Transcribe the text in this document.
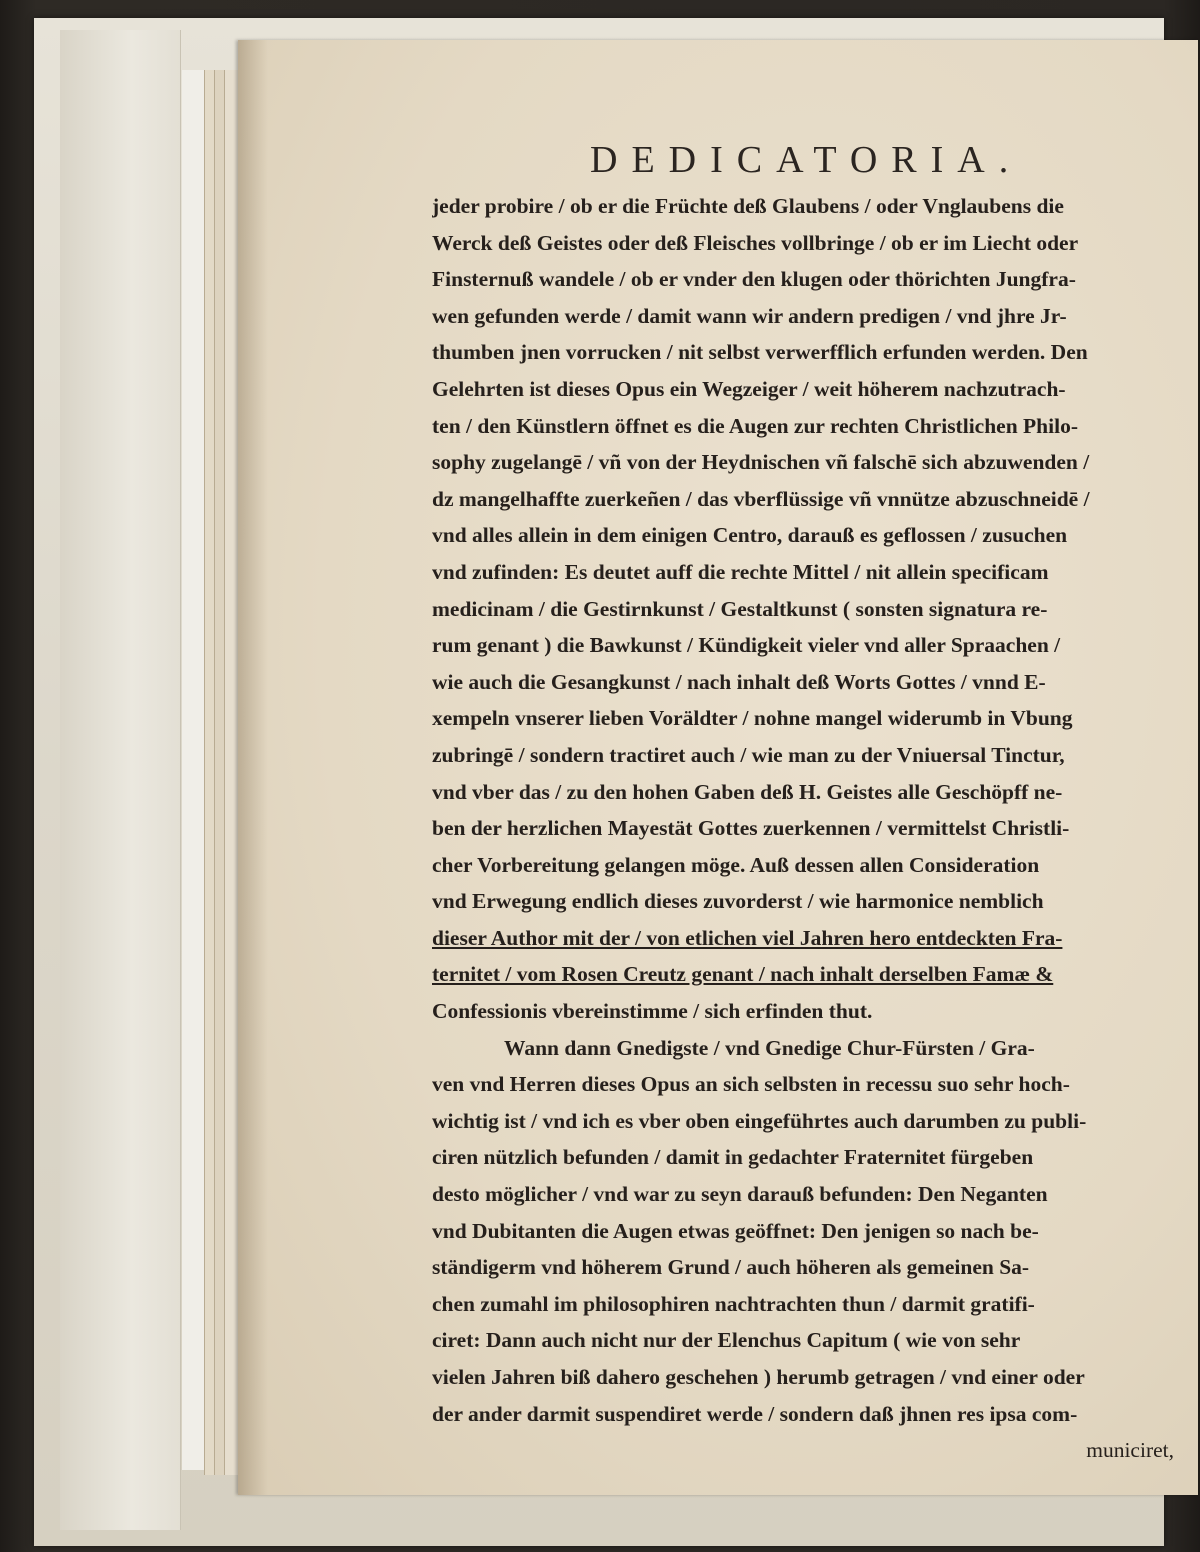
DEDICATORIA.
jeder probire / ob er die Früchte deß Glaubens / oder Vnglaubens die
Werck deß Geistes oder deß Fleisches vollbringe / ob er im Liecht oder
Finsternuß wandele / ob er vnder den klugen oder thörichten Jungfra-
wen gefunden werde / damit wann wir andern predigen / vnd jhre Jr-
thumben jnen vorrucken / nit selbst verwerfflich erfunden werden. Den
Gelehrten ist dieses Opus ein Wegzeiger / weit höherem nachzutrach-
ten / den Künstlern öffnet es die Augen zur rechten Christlichen Philo-
sophy zugelangē / vñ von der Heydnischen vñ falschē sich abzuwenden /
dz mangelhaffte zuerkeñen / das vberflüssige vñ vnnütze abzuschneidē /
vnd alles allein in dem einigen Centro, darauß es geflossen / zusuchen
vnd zufinden: Es deutet auff die rechte Mittel / nit allein specificam
medicinam / die Gestirnkunst / Gestaltkunst ( sonsten signatura re-
rum genant ) die Bawkunst / Kündigkeit vieler vnd aller Spraachen /
wie auch die Gesangkunst / nach inhalt deß Worts Gottes / vnnd E-
xempeln vnserer lieben Voräldter / nohne mangel widerumb in Vbung
zubringē / sondern tractiret auch / wie man zu der Vniuersal Tinctur,
vnd vber das / zu den hohen Gaben deß H. Geistes alle Geschöpff ne-
ben der herzlichen Mayestät Gottes zuerkennen / vermittelst Christli-
cher Vorbereitung gelangen möge. Auß dessen allen Consideration
vnd Erwegung endlich dieses zuvorderst / wie harmonice nemblich
dieser Author mit der / von etlichen viel Jahren hero entdeckten Fra-
ternitet / vom Rosen Creutz genant / nach inhalt derselben Famæ &
Confessionis vbereinstimme / sich erfinden thut.
Wann dann Gnedigste / vnd Gnedige Chur-Fürsten / Gra-
ven vnd Herren dieses Opus an sich selbsten in recessu suo sehr hoch-
wichtig ist / vnd ich es vber oben eingeführtes auch darumben zu publi-
ciren nützlich befunden / damit in gedachter Fraternitet fürgeben
desto möglicher / vnd war zu seyn darauß befunden: Den Neganten
vnd Dubitanten die Augen etwas geöffnet: Den jenigen so nach be-
ständigerm vnd höherem Grund / auch höheren als gemeinen Sa-
chen zumahl im philosophiren nachtrachten thun / darmit gratifi-
ciret: Dann auch nicht nur der Elenchus Capitum ( wie von sehr
vielen Jahren biß dahero geschehen ) herumb getragen / vnd einer oder
der ander darmit suspendiret werde / sondern daß jhnen res ipsa com-
municiret,
